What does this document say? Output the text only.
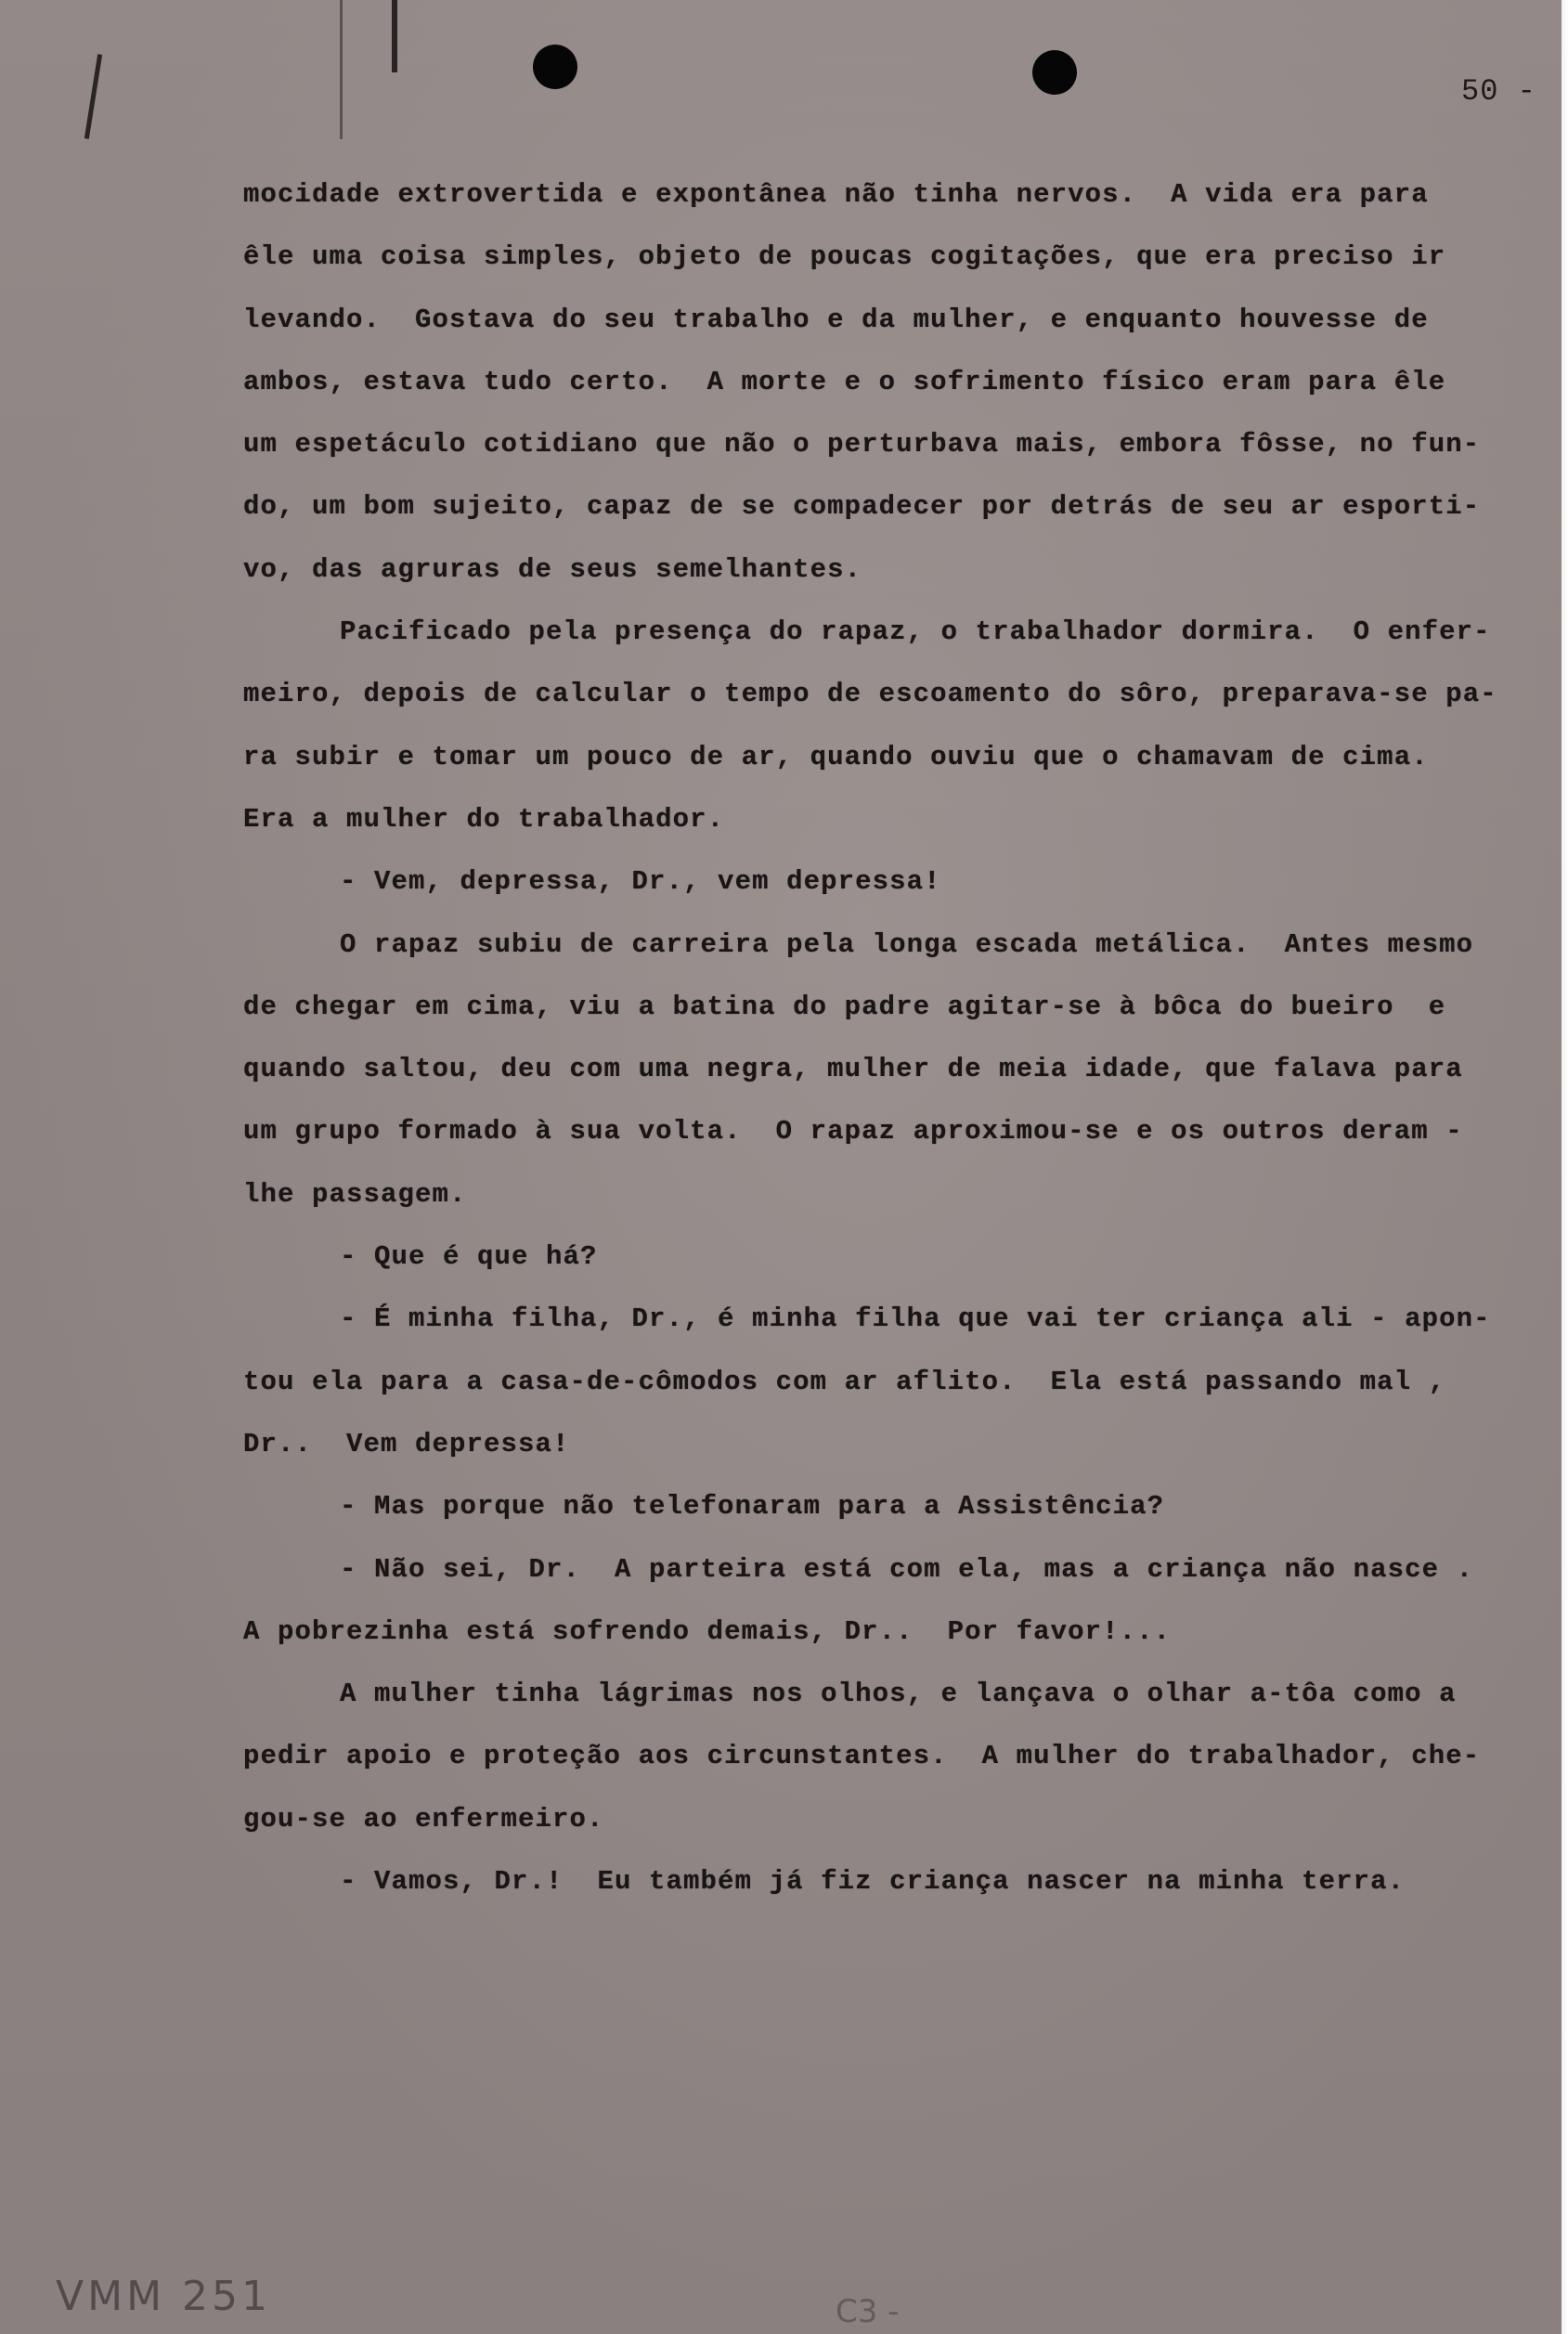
50 -
mocidade extrovertida e expontânea não tinha nervos.  A vida era para
êle uma coisa simples, objeto de poucas cogitações, que era preciso ir
levando.  Gostava do seu trabalho e da mulher, e enquanto houvesse de
ambos, estava tudo certo.  A morte e o sofrimento físico eram para êle
um espetáculo cotidiano que não o perturbava mais, embora fôsse, no fun-
do, um bom sujeito, capaz de se compadecer por detrás de seu ar esporti-
vo, das agruras de seus semelhantes.
Pacificado pela presença do rapaz, o trabalhador dormira.  O enfer-
meiro, depois de calcular o tempo de escoamento do sôro, preparava-se pa-
ra subir e tomar um pouco de ar, quando ouviu que o chamavam de cima.
Era a mulher do trabalhador.
- Vem, depressa, Dr., vem depressa!
O rapaz subiu de carreira pela longa escada metálica.  Antes mesmo
de chegar em cima, viu a batina do padre agitar-se à bôca do bueiro  e
quando saltou, deu com uma negra, mulher de meia idade, que falava para
um grupo formado à sua volta.  O rapaz aproximou-se e os outros deram -
lhe passagem.
- Que é que há?
- É minha filha, Dr., é minha filha que vai ter criança ali - apon-
tou ela para a casa-de-cômodos com ar aflito.  Ela está passando mal ,
Dr..  Vem depressa!
- Mas porque não telefonaram para a Assistência?
- Não sei, Dr.  A parteira está com ela, mas a criança não nasce .
A pobrezinha está sofrendo demais, Dr..  Por favor!...
A mulher tinha lágrimas nos olhos, e lançava o olhar a-tôa como a
pedir apoio e proteção aos circunstantes.  A mulher do trabalhador, che-
gou-se ao enfermeiro.
- Vamos, Dr.!  Eu também já fiz criança nascer na minha terra.
VMM 251	C3 -
